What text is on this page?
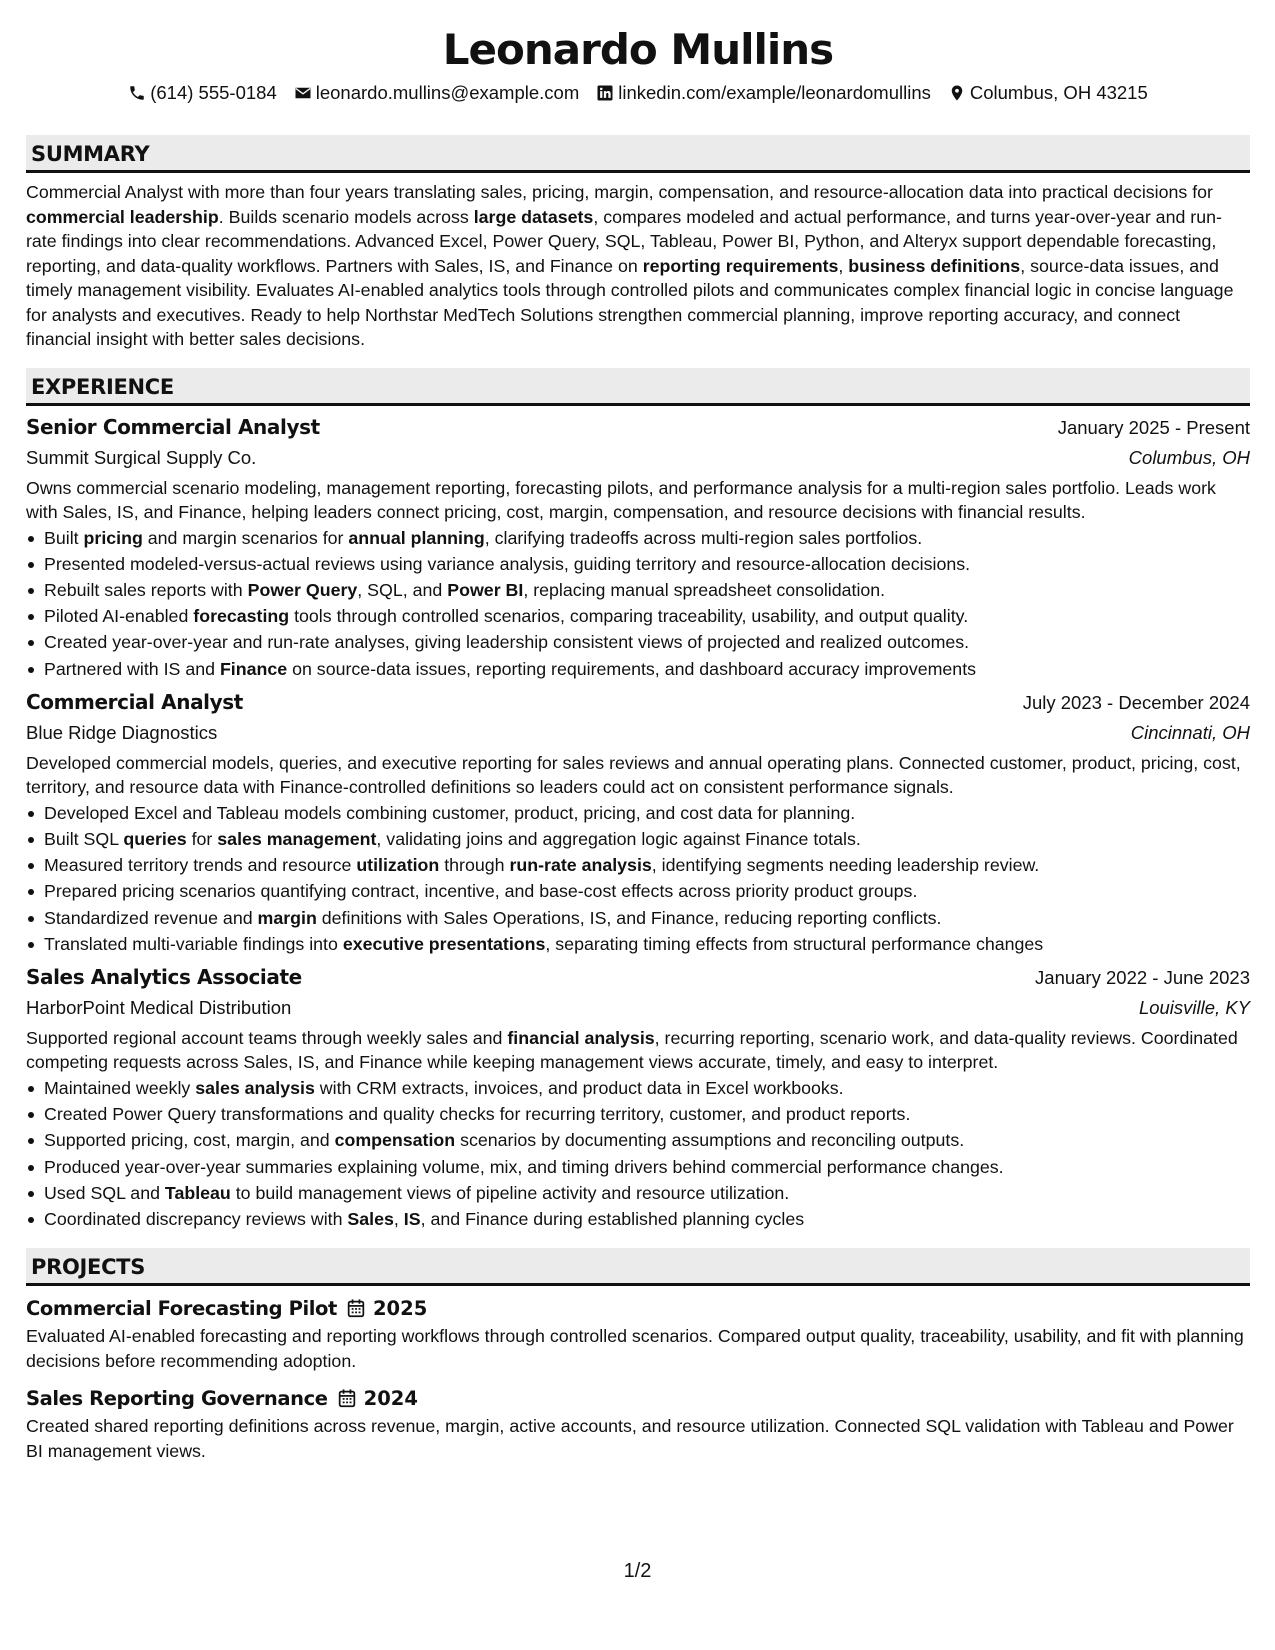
Leonardo Mullins
(614) 555-0184 leonardo.mullins@example.com linkedin.com/example/leonardomullins Columbus, OH 43215
SUMMARY

Commercial Analyst with more than four years translating sales, pricing, margin, compensation, and resource-allocation data into practical decisions for commercial leadership. Builds scenario models across large datasets, compares modeled and actual performance, and turns year-over-year and run-rate findings into clear recommendations. Advanced Excel, Power Query, SQL, Tableau, Power BI, Python, and Alteryx support dependable forecasting, reporting, and data-quality workflows. Partners with Sales, IS, and Finance on reporting requirements, business definitions, source-data issues, and timely management visibility. Evaluates AI-enabled analytics tools through controlled pilots and communicates complex financial logic in concise language for analysts and executives. Ready to help Northstar MedTech Solutions strengthen commercial planning, improve reporting accuracy, and connect financial insight with better sales decisions.

EXPERIENCE
Senior Commercial Analyst	January 2025 - Present
Summit Surgical Supply Co.	Columbus, OH

Owns commercial scenario modeling, management reporting, forecasting pilots, and performance analysis for a multi-region sales portfolio. Leads work with Sales, IS, and Finance, helping leaders connect pricing, cost, margin, compensation, and resource decisions with financial results.

Built pricing and margin scenarios for annual planning, clarifying tradeoffs across multi-region sales portfolios.
Presented modeled-versus-actual reviews using variance analysis, guiding territory and resource-allocation decisions.
Rebuilt sales reports with Power Query, SQL, and Power BI, replacing manual spreadsheet consolidation.
Piloted AI-enabled forecasting tools through controlled scenarios, comparing traceability, usability, and output quality.
Created year-over-year and run-rate analyses, giving leadership consistent views of projected and realized outcomes.
Partnered with IS and Finance on source-data issues, reporting requirements, and dashboard accuracy improvements
Commercial Analyst	July 2023 - December 2024
Blue Ridge Diagnostics	Cincinnati, OH

Developed commercial models, queries, and executive reporting for sales reviews and annual operating plans. Connected customer, product, pricing, cost, territory, and resource data with Finance-controlled definitions so leaders could act on consistent performance signals.

Developed Excel and Tableau models combining customer, product, pricing, and cost data for planning.
Built SQL queries for sales management, validating joins and aggregation logic against Finance totals.
Measured territory trends and resource utilization through run-rate analysis, identifying segments needing leadership review.
Prepared pricing scenarios quantifying contract, incentive, and base-cost effects across priority product groups.
Standardized revenue and margin definitions with Sales Operations, IS, and Finance, reducing reporting conflicts.
Translated multi-variable findings into executive presentations, separating timing effects from structural performance changes
Sales Analytics Associate	January 2022 - June 2023
HarborPoint Medical Distribution	Louisville, KY

Supported regional account teams through weekly sales and financial analysis, recurring reporting, scenario work, and data-quality reviews. Coordinated competing requests across Sales, IS, and Finance while keeping management views accurate, timely, and easy to interpret.

Maintained weekly sales analysis with CRM extracts, invoices, and product data in Excel workbooks.
Created Power Query transformations and quality checks for recurring territory, customer, and product reports.
Supported pricing, cost, margin, and compensation scenarios by documenting assumptions and reconciling outputs.
Produced year-over-year summaries explaining volume, mix, and timing drivers behind commercial performance changes.
Used SQL and Tableau to build management views of pipeline activity and resource utilization.
Coordinated discrepancy reviews with Sales, IS, and Finance during established planning cycles
PROJECTS
Commercial Forecasting Pilot 2025

Evaluated AI-enabled forecasting and reporting workflows through controlled scenarios. Compared output quality, traceability, usability, and fit with planning decisions before recommending adoption.

Sales Reporting Governance 2024

Created shared reporting definitions across revenue, margin, active accounts, and resource utilization. Connected SQL validation with Tableau and Power BI management views.

1/2
